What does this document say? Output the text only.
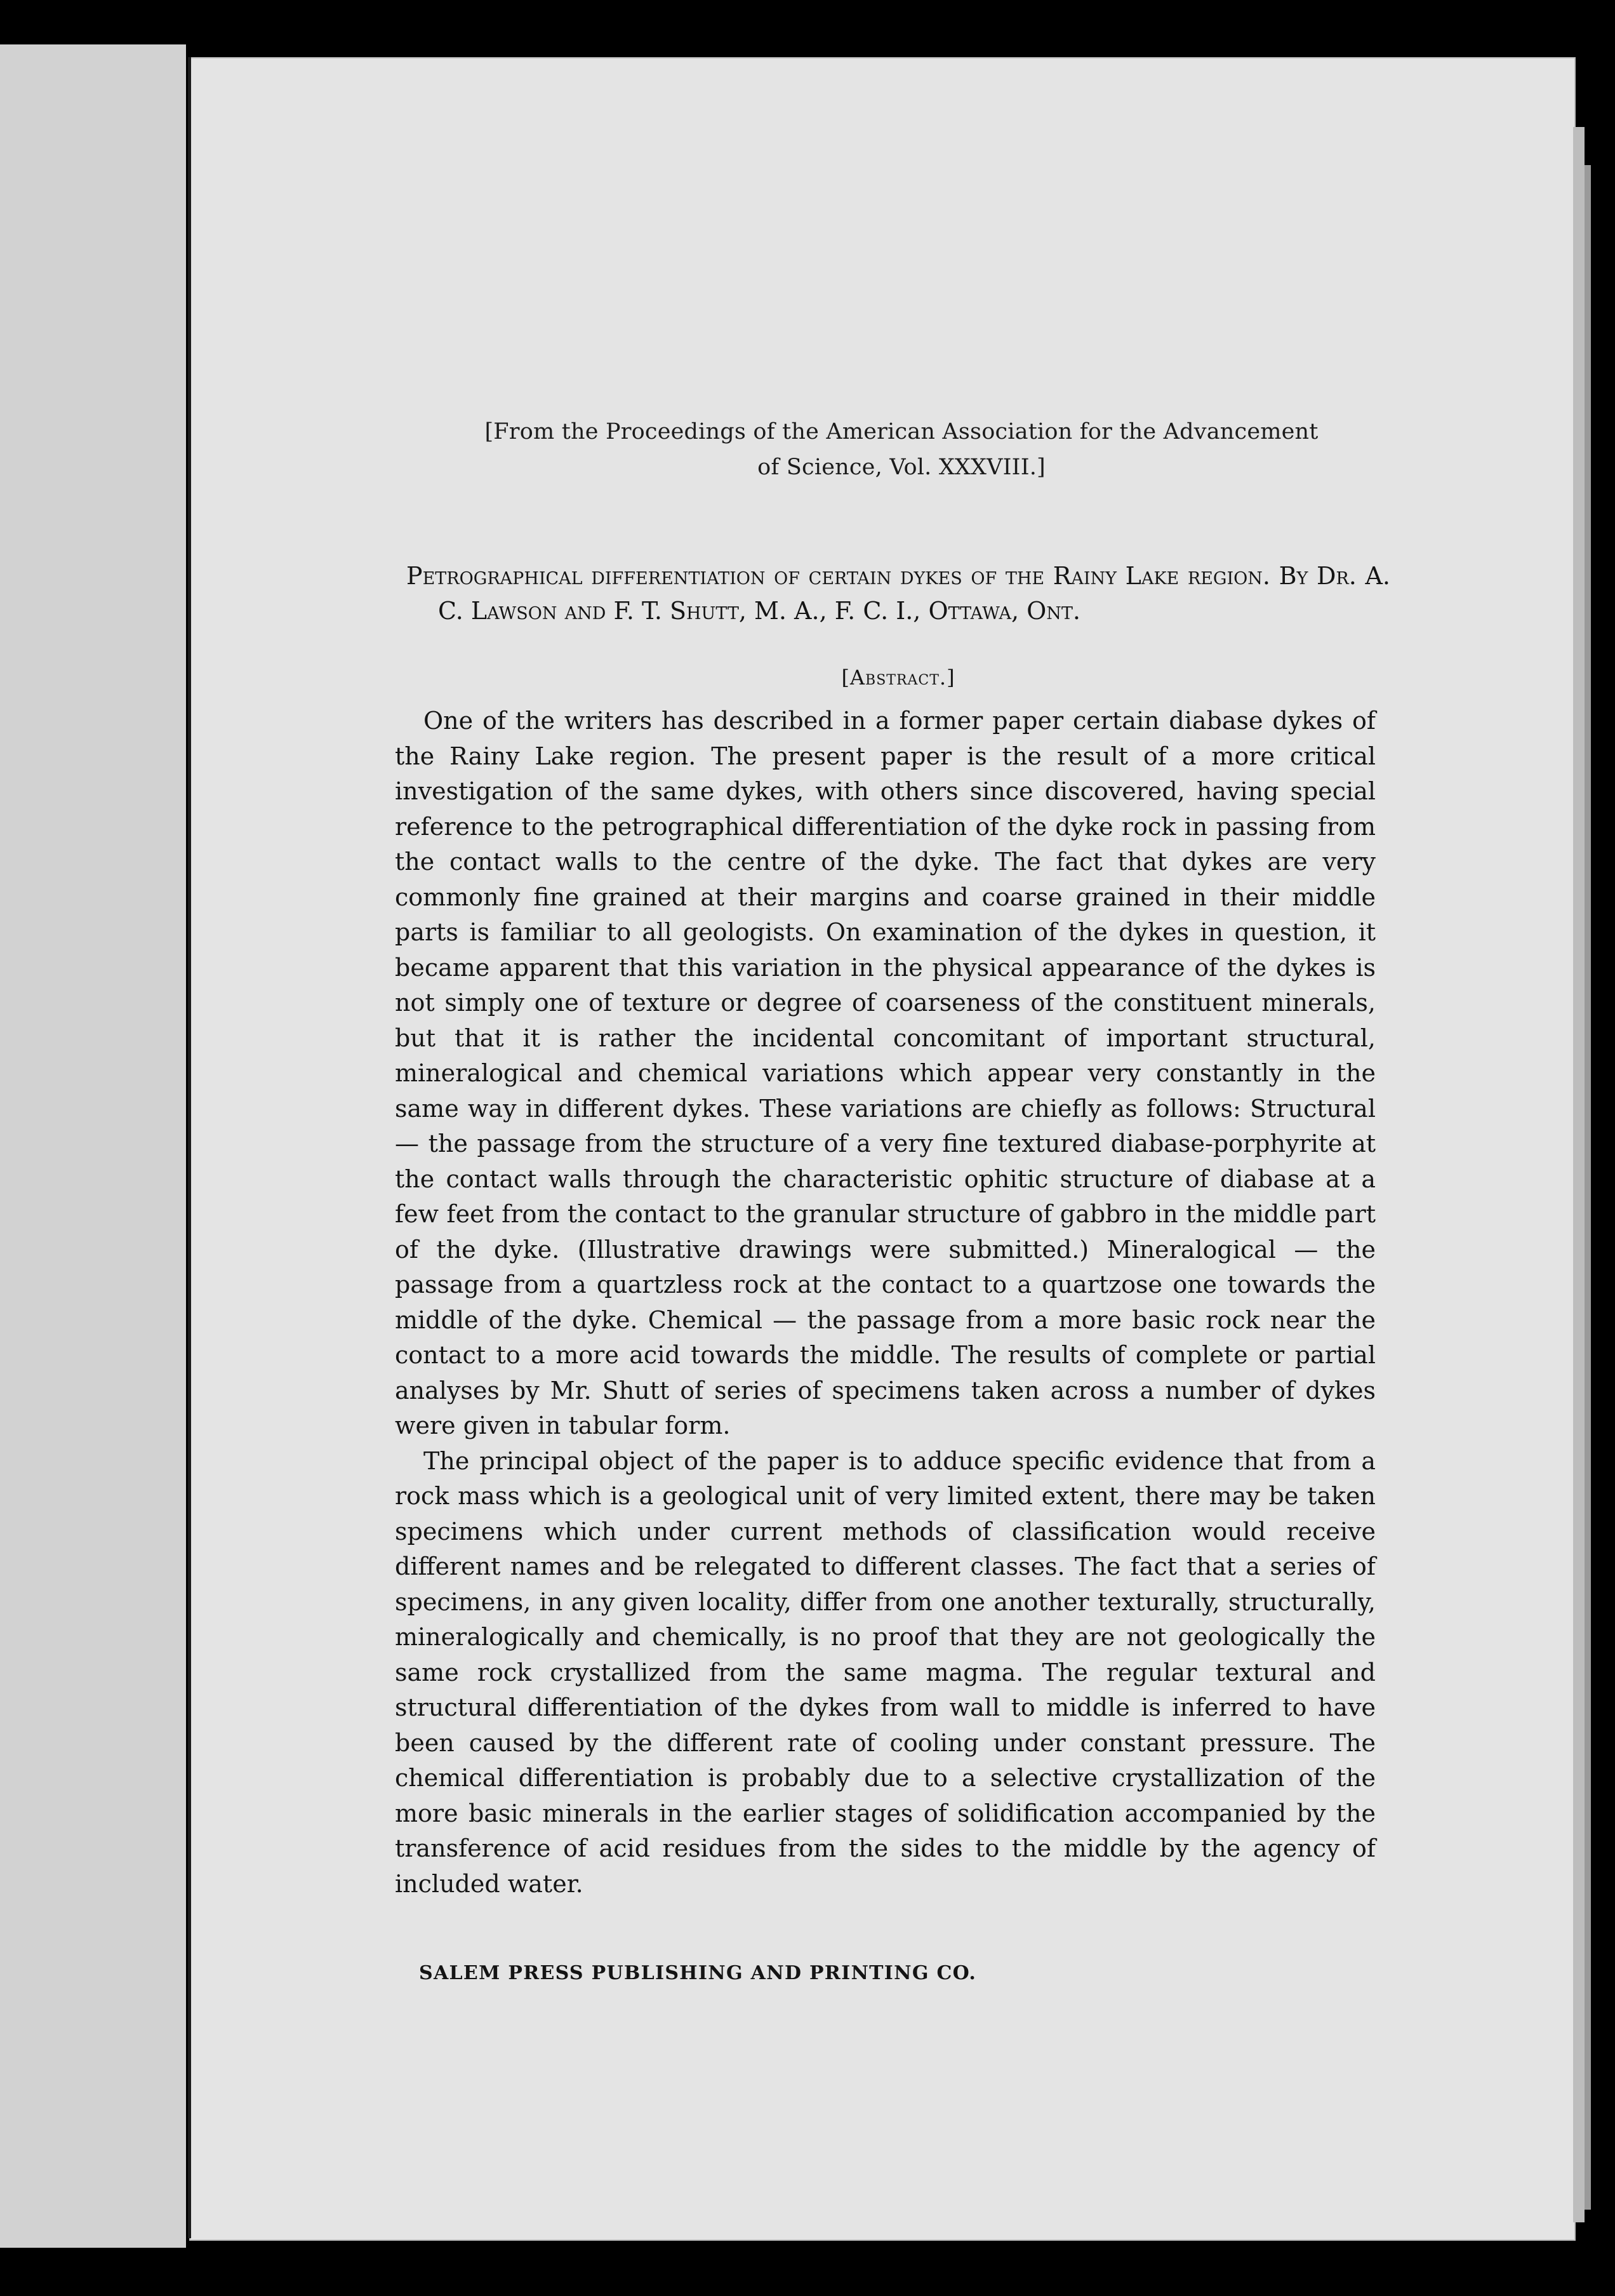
[From the Proceedings of the American Association for the Advancement
of Science, Vol. XXXVIII.]
Petrographical differentiation of certain dykes of the Rainy Lake region. By Dr. A. C. Lawson and F. T. Shutt, M. A., F. C. I., Ottawa, Ont.
[Abstract.]

One of the writers has described in a former paper certain diabase dykes of the Rainy Lake region. The present paper is the result of a more critical investigation of the same dykes, with others since discovered, having special reference to the petrographical differentiation of the dyke rock in passing from the contact walls to the centre of the dyke. The fact that dykes are very commonly fine grained at their margins and coarse grained in their middle parts is familiar to all geologists. On examination of the dykes in question, it became apparent that this variation in the physical appearance of the dykes is not simply one of texture or degree of coarseness of the constituent minerals, but that it is rather the incidental concomitant of important structural, mineralogical and chemical variations which appear very constantly in the same way in different dykes. These variations are chiefly as follows: Structural — the passage from the structure of a very fine textured diabase-porphyrite at the contact walls through the characteristic ophitic structure of diabase at a few feet from the contact to the granular structure of gabbro in the middle part of the dyke. (Illustrative drawings were submitted.) Mineralogical — the passage from a quartzless rock at the contact to a quartzose one towards the middle of the dyke. Chemical — the passage from a more basic rock near the contact to a more acid towards the middle. The results of complete or partial analyses by Mr. Shutt of series of specimens taken across a number of dykes were given in tabular form.

The principal object of the paper is to adduce specific evidence that from a rock mass which is a geological unit of very limited extent, there may be taken specimens which under current methods of classification would receive different names and be relegated to different classes. The fact that a series of specimens, in any given locality, differ from one another texturally, structurally, mineralogically and chemically, is no proof that they are not geologically the same rock crystallized from the same magma. The regular textural and structural differentiation of the dykes from wall to middle is inferred to have been caused by the different rate of cooling under constant pressure. The chemical differentiation is probably due to a selective crystallization of the more basic minerals in the earlier stages of solidification accompanied by the transference of acid residues from the sides to the middle by the agency of included water.

SALEM PRESS PUBLISHING AND PRINTING CO.
